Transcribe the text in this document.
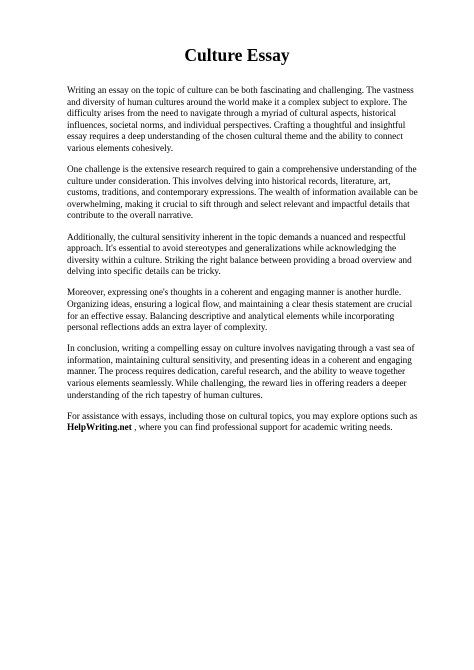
Culture Essay

Writing an essay on the topic of culture can be both fascinating and challenging. The vastness and diversity of human cultures around the world make it a complex subject to explore. The difficulty arises from the need to navigate through a myriad of cultural aspects, historical influences, societal norms, and individual perspectives. Crafting a thoughtful and insightful essay requires a deep understanding of the chosen cultural theme and the ability to connect various elements cohesively.

One challenge is the extensive research required to gain a comprehensive understanding of the culture under consideration. This involves delving into historical records, literature, art, customs, traditions, and contemporary expressions. The wealth of information available can be overwhelming, making it crucial to sift through and select relevant and impactful details that contribute to the overall narrative.

Additionally, the cultural sensitivity inherent in the topic demands a nuanced and respectful approach. It's essential to avoid stereotypes and generalizations while acknowledging the diversity within a culture. Striking the right balance between providing a broad overview and delving into specific details can be tricky.

Moreover, expressing one's thoughts in a coherent and engaging manner is another hurdle. Organizing ideas, ensuring a logical flow, and maintaining a clear thesis statement are crucial for an effective essay. Balancing descriptive and analytical elements while incorporating personal reflections adds an extra layer of complexity.

In conclusion, writing a compelling essay on culture involves navigating through a vast sea of information, maintaining cultural sensitivity, and presenting ideas in a coherent and engaging manner. The process requires dedication, careful research, and the ability to weave together various elements seamlessly. While challenging, the reward lies in offering readers a deeper understanding of the rich tapestry of human cultures.

For assistance with essays, including those on cultural topics, you may explore options such as HelpWriting.net , where you can find professional support for academic writing needs.
